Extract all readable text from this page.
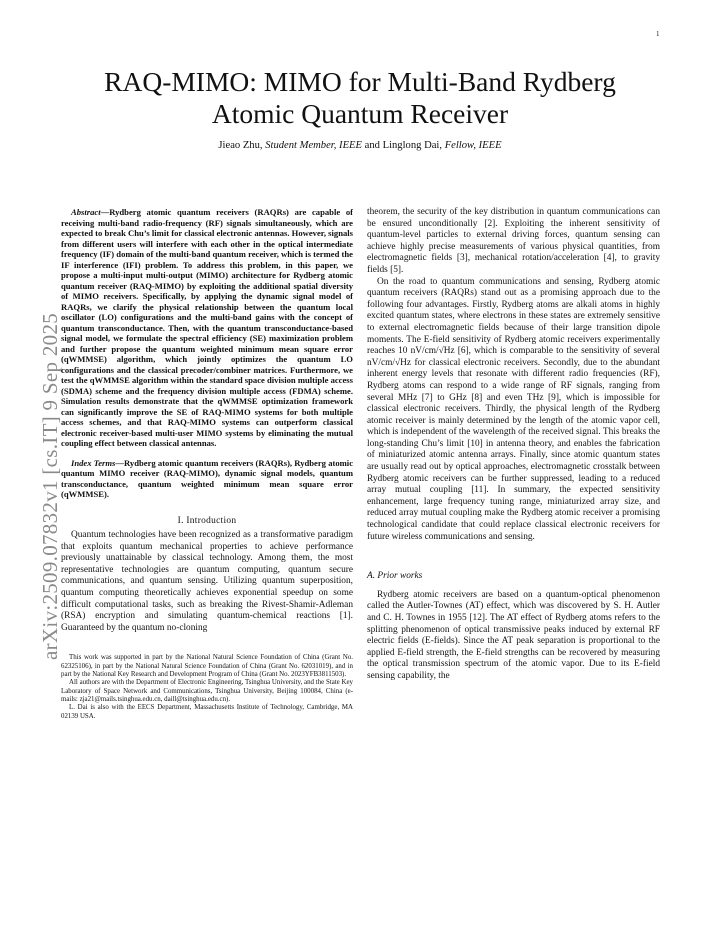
1
arXiv:2509.07832v1 [cs.IT] 9 Sep 2025
RAQ-MIMO: MIMO for Multi-Band Rydberg
Atomic Quantum Receiver
Jieao Zhu, Student Member, IEEE and Linglong Dai, Fellow, IEEE

Abstract—Rydberg atomic quantum receivers (RAQRs) are capable of receiving multi-band radio-frequency (RF) signals simultaneously, which are expected to break Chu’s limit for classical electronic antennas. However, signals from different users will interfere with each other in the optical intermediate frequency (IF) domain of the multi-band quantum receiver, which is termed the IF interference (IFI) problem. To address this problem, in this paper, we propose a multi-input multi-output (MIMO) architecture for Rydberg atomic quantum receiver (RAQ-MIMO) by exploiting the additional spatial diversity of MIMO receivers. Specifically, by applying the dynamic signal model of RAQRs, we clarify the physical relationship between the quantum local oscillator (LO) configurations and the multi-band gains with the concept of quantum transconductance. Then, with the quantum transconductance-based signal model, we formulate the spectral efficiency (SE) maximization problem and further propose the quantum weighted minimum mean square error (qWMMSE) algorithm, which jointly optimizes the quantum LO configurations and the classical precoder/combiner matrices. Furthermore, we test the qWMMSE algorithm within the standard space division multiple access (SDMA) scheme and the frequency division multiple access (FDMA) scheme. Simulation results demonstrate that the qWMMSE optimization framework can significantly improve the SE of RAQ-MIMO systems for both multiple access schemes, and that RAQ-MIMO systems can outperform classical electronic receiver-based multi-user MIMO systems by eliminating the mutual coupling effect between classical antennas.

Index Terms—Rydberg atomic quantum receivers (RAQRs), Rydberg atomic quantum MIMO receiver (RAQ-MIMO), dynamic signal models, quantum transconductance, quantum weighted minimum mean square error (qWMMSE).

I. Introduction

Quantum technologies have been recognized as a transformative paradigm that exploits quantum mechanical properties to achieve performance previously unattainable by classical technology. Among them, the most representative technologies are quantum computing, quantum secure communications, and quantum sensing. Utilizing quantum superposition, quantum computing theoretically achieves exponential speedup on some difficult computational tasks, such as breaking the Rivest-Shamir-Adleman (RSA) encryption and simulating quantum-chemical reactions [1]. Guaranteed by the quantum no-cloning

This work was supported in part by the National Natural Science Foundation of China (Grant No. 62325106), in part by the National Natural Science Foundation of China (Grant No. 62031019), and in part by the National Key Research and Development Program of China (Grant No. 2023YFB3811503).

All authors are with the Department of Electronic Engineering, Tsinghua University, and the State Key Laboratory of Space Network and Communications, Tsinghua University, Beijing 100084, China (e-mails: zja21@mails.tsinghua.edu.cn, daill@tsinghua.edu.cn).

L. Dai is also with the EECS Department, Massachusetts Institute of Technology, Cambridge, MA 02139 USA.

theorem, the security of the key distribution in quantum communications can be ensured unconditionally [2]. Exploiting the inherent sensitivity of quantum-level particles to external driving forces, quantum sensing can achieve highly precise measurements of various physical quantities, from electromagnetic fields [3], mechanical rotation/acceleration [4], to gravity fields [5].

On the road to quantum communications and sensing, Rydberg atomic quantum receivers (RAQRs) stand out as a promising approach due to the following four advantages. Firstly, Rydberg atoms are alkali atoms in highly excited quantum states, where electrons in these states are extremely sensitive to external electromagnetic fields because of their large transition dipole moments. The E-field sensitivity of Rydberg atomic receivers experimentally reaches 10 nV/cm/√Hz [6], which is comparable to the sensitivity of several nV/cm/√Hz for classical electronic receivers. Secondly, due to the abundant inherent energy levels that resonate with different radio frequencies (RF), Rydberg atoms can respond to a wide range of RF signals, ranging from several MHz [7] to GHz [8] and even THz [9], which is impossible for classical electronic receivers. Thirdly, the physical length of the Rydberg atomic receiver is mainly determined by the length of the atomic vapor cell, which is independent of the wavelength of the received signal. This breaks the long-standing Chu’s limit [10] in antenna theory, and enables the fabrication of miniaturized atomic antenna arrays. Finally, since atomic quantum states are usually read out by optical approaches, electromagnetic crosstalk between Rydberg atomic receivers can be further suppressed, leading to a reduced array mutual coupling [11]. In summary, the expected sensitivity enhancement, large frequency tuning range, miniaturized array size, and reduced array mutual coupling make the Rydberg atomic receiver a promising technological candidate that could replace classical electronic receivers for future wireless communications and sensing.

A. Prior works

Rydberg atomic receivers are based on a quantum-optical phenomenon called the Autler-Townes (AT) effect, which was discovered by S. H. Autler and C. H. Townes in 1955 [12]. The AT effect of Rydberg atoms refers to the splitting phenomenon of optical transmissive peaks induced by external RF electric fields (E-fields). Since the AT peak separation is proportional to the applied E-field strength, the E-field strengths can be recovered by measuring the optical transmission spectrum of the atomic vapor. Due to its E-field sensing capability, the
